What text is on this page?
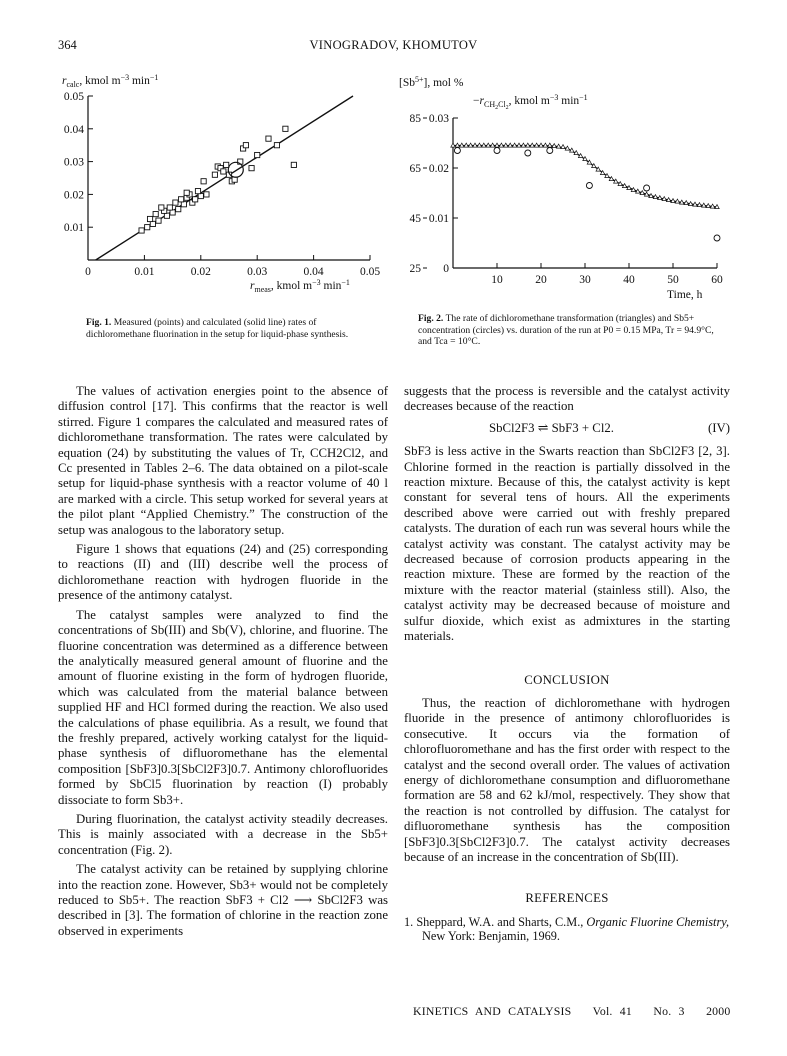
364	VINOGRADOV, KHOMUTOV
0	0.01	0.02	0.03	0.04	0.05
0.01
0.02
0.03
0.04
0.05
$r_{calc}$, kmol $m^{-3}$ $\min^{-1}$
$r_{meas}$, kmol $m^{-3}$ $\min^{-1}$
0
10	20	30	40	50	60
0.01
0.02
0.03
25
45
65
85
$[Sb^{5+}]$, mol %
$-r_{CH}2Cl2$, kmol $m^{-3}$ $\min^{-1}$
Time, h
Fig. 1. Measured (points) and calculated (solid line) rates of dichloromethane fluorination in the setup for liquid-phase synthesis.
Fig. 2. The rate of dichloromethane transformation (triangles) and Sb5+ concentration (circles) vs. duration of the run at P0 = 0.15 MPa, Tr = 94.9°C, and Tca = 10°C.

The values of activation energies point to the absence of diffusion control [17]. This confirms that the reactor is well stirred. Figure 1 compares the calculated and measured rates of dichloromethane transformation. The rates were calculated by equation (24) by substituting the values of Tr, CCH2Cl2, and Cc presented in Tables 2–6. The data obtained on a pilot-scale setup for liquid-phase synthesis with a reactor volume of 40 l are marked with a circle. This setup worked for several years at the pilot plant “Applied Chemistry.” The construction of the setup was analogous to the laboratory setup.

Figure 1 shows that equations (24) and (25) corresponding to reactions (II) and (III) describe well the process of dichloromethane reaction with hydrogen fluoride in the presence of the antimony catalyst.

The catalyst samples were analyzed to find the concentrations of Sb(III) and Sb(V), chlorine, and fluorine. The fluorine concentration was determined as a difference between the analytically measured general amount of fluorine and the amount of fluorine existing in the form of hydrogen fluoride, which was calculated from the material balance between supplied HF and HCl formed during the reaction. We also used the calculations of phase equilibria. As a result, we found that the freshly prepared, actively working catalyst for the liquid-phase synthesis of difluoromethane has the elemental composition [SbF3]0.3[SbCl2F3]0.7. Antimony chlorofluorides formed by SbCl5 fluorination by reaction (I) probably dissociate to form Sb3+.

During fluorination, the catalyst activity steadily decreases. This is mainly associated with a decrease in the Sb5+ concentration (Fig. 2).

The catalyst activity can be retained by supplying chlorine into the reaction zone. However, Sb3+ would not be completely reduced to Sb5+. The reaction SbF3 + Cl2 ⟶ SbCl2F3 was described in [3]. The formation of chlorine in the reaction zone observed in experiments

suggests that the process is reversible and the catalyst activity decreases because of the reaction

SbCl2F3 ⇌ SbF3 + Cl2.	(IV)

SbF3 is less active in the Swarts reaction than SbCl2F3 [2, 3]. Chlorine formed in the reaction is partially dissolved in the reaction mixture. Because of this, the catalyst activity is kept constant for several tens of hours. All the experiments described above were carried out with freshly prepared catalysts. The duration of each run was several hours while the catalyst activity was constant. The catalyst activity may be decreased because of corrosion products appearing in the reaction mixture. These are formed by the reaction of the mixture with the reactor material (stainless still). Also, the catalyst activity may be decreased because of moisture and sulfur dioxide, which exist as admixtures in the starting materials.

CONCLUSION

Thus, the reaction of dichloromethane with hydrogen fluoride in the presence of antimony chlorofluorides is consecutive. It occurs via the formation of chlorofluoromethane and has the first order with respect to the catalyst and the second overall order. The values of activation energy of dichloromethane consumption and difluoromethane formation are 58 and 62 kJ/mol, respectively. They show that the reaction is not controlled by diffusion. The catalyst for difluoromethane synthesis has the composition [SbF3]0.3[SbCl2F3]0.7. The catalyst activity decreases because of an increase in the concentration of Sb(III).

REFERENCES
1. Sheppard, W.A. and Sharts, C.M., Organic Fluorine Chemistry, New York: Benjamin, 1969.
KINETICS AND CATALYSIS Vol. 41 No. 3 2000
